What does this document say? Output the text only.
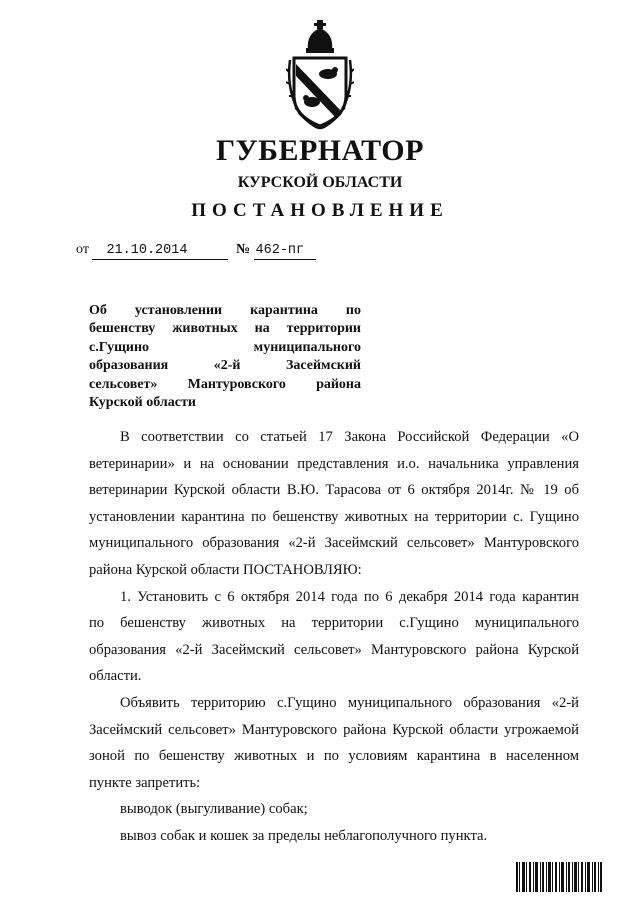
ГУБЕРНАТОР
КУРСКОЙ ОБЛАСТИ
ПОСТАНОВЛЕНИЕ
от 21.10.2014	№ 462-пг
Об установлении карантина по
бешенству животных на территории
с.Гущино муниципального
образования «2-й Засеймский
сельсовет» Мантуровского района
Курской области
В соответствии со статьей 17 Закона Российской Федерации «О
ветеринарии» и на основании представления и.о. начальника управления
ветеринарии Курской области В.Ю. Тарасова от 6 октября 2014г. № 19 об
установлении карантина по бешенству животных на территории с. Гущино
муниципального образования «2-й Засеймский сельсовет» Мантуровского
района Курской области ПОСТАНОВЛЯЮ:
1. Установить с 6 октября 2014 года по 6 декабря 2014 года карантин
по бешенству животных на территории с.Гущино муниципального
образования «2-й Засеймский сельсовет» Мантуровского района Курской
области.
Объявить территорию с.Гущино муниципального образования «2-й
Засеймский сельсовет» Мантуровского района Курской области угрожаемой
зоной по бешенству животных и по условиям карантина в населенном
пункте запретить:
выводок (выгуливание) собак;
вывоз собак и кошек за пределы неблагополучного пункта.
